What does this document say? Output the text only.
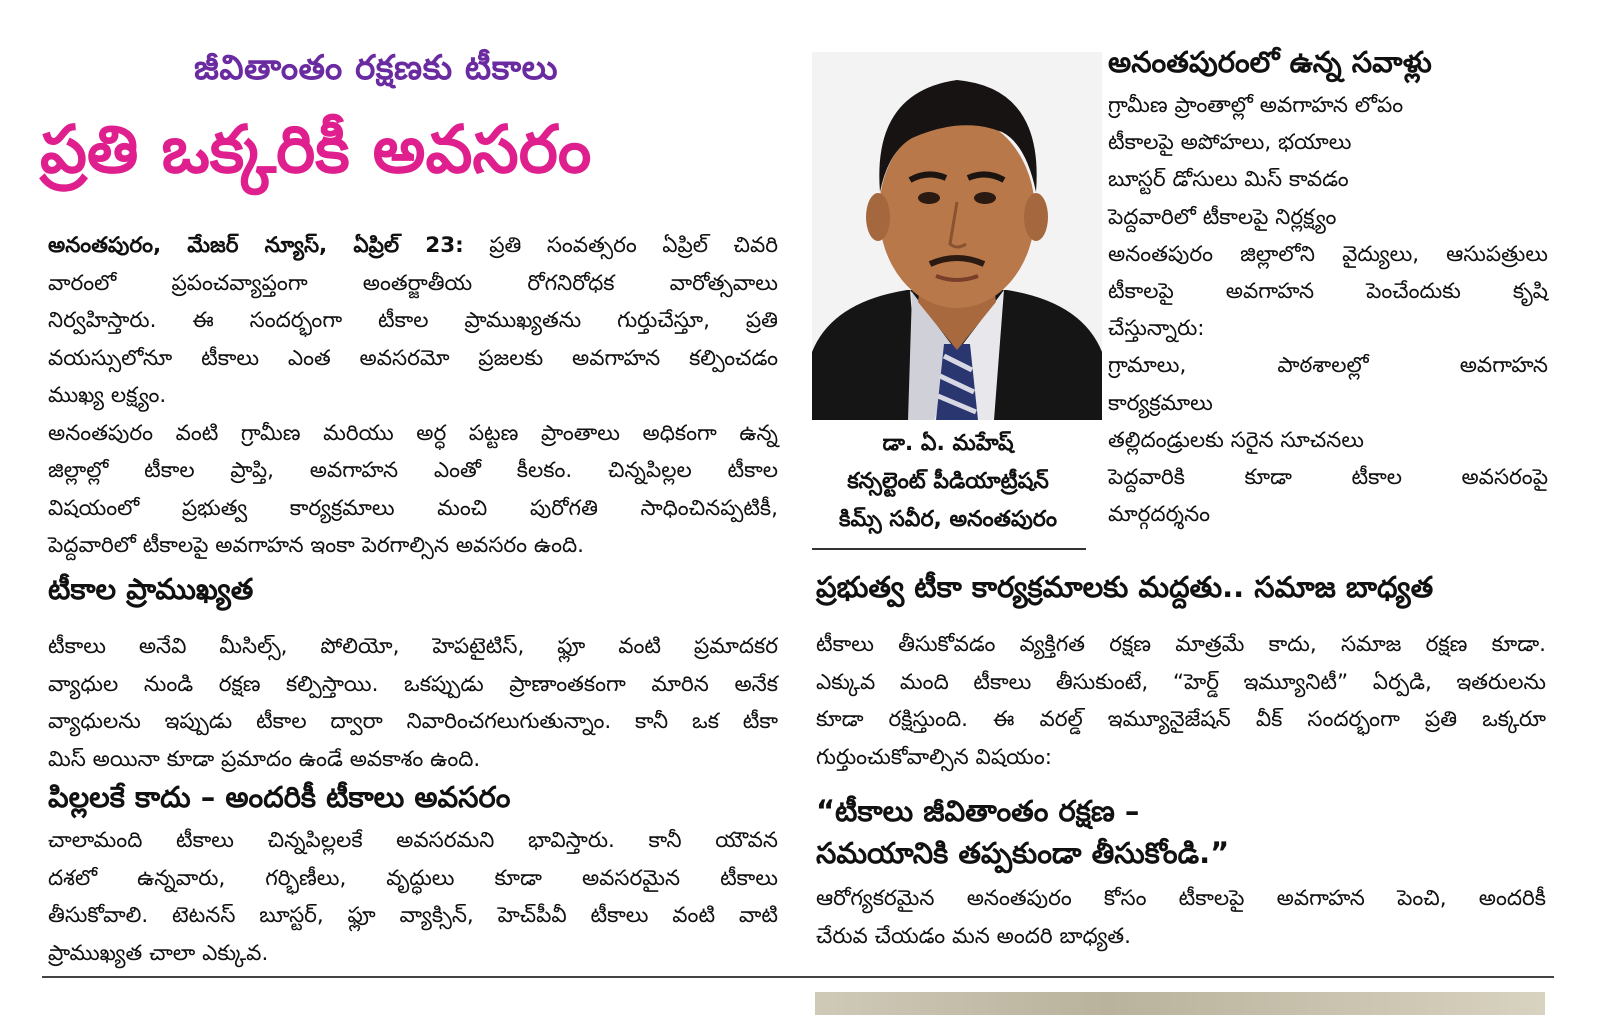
జీవితాంతం రక్షణకు టీకాలు
ప్రతి ఒక్కరికీ అవసరం

అనంతపురం, మేజర్ న్యూస్, ఏప్రిల్ 23: ప్రతి సంవత్సరం ఏప్రిల్ చివరి

వారంలో ప్రపంచవ్యాప్తంగా అంతర్జాతీయ రోగనిరోధక వారోత్సవాలు

నిర్వహిస్తారు. ఈ సందర్భంగా టీకాల ప్రాముఖ్యతను గుర్తుచేస్తూ, ప్రతి

వయస్సులోనూ టీకాలు ఎంత అవసరమో ప్రజలకు అవగాహన కల్పించడం

ముఖ్య లక్ష్యం.

అనంతపురం వంటి గ్రామీణ మరియు అర్ధ పట్టణ ప్రాంతాలు అధికంగా ఉన్న

జిల్లాల్లో టీకాల ప్రాప్తి, అవగాహన ఎంతో కీలకం. చిన్నపిల్లల టీకాల

విషయంలో ప్రభుత్వ కార్యక్రమాలు మంచి పురోగతి సాధించినప్పటికీ,

పెద్దవారిలో టీకాలపై అవగాహన ఇంకా పెరగాల్సిన అవసరం ఉంది.

టీకాల ప్రాముఖ్యత

టీకాలు అనేవి మీసిల్స్, పోలియో, హెపటైటిస్, ఫ్లూ వంటి ప్రమాదకర

వ్యాధుల నుండి రక్షణ కల్పిస్తాయి. ఒకప్పుడు ప్రాణాంతకంగా మారిన అనేక

వ్యాధులను ఇప్పుడు టీకాల ద్వారా నివారించగలుగుతున్నాం. కానీ ఒక టీకా

మిస్ అయినా కూడా ప్రమాదం ఉండే అవకాశం ఉంది.

పిల్లలకే కాదు – అందరికీ టీకాలు అవసరం

చాలామంది టీకాలు చిన్నపిల్లలకే అవసరమని భావిస్తారు. కానీ యౌవన

దశలో ఉన్నవారు, గర్భిణీలు, వృద్ధులు కూడా అవసరమైన టీకాలు

తీసుకోవాలి. టెటనస్ బూస్టర్, ఫ్లూ వ్యాక్సిన్, హెచ్‌పీవీ టీకాలు వంటి వాటి

ప్రాముఖ్యత చాలా ఎక్కువ.

డా. ఏ. మహేష్
కన్సల్టెంట్ పీడియాట్రీషన్
కిమ్స్ సవీర, అనంతపురం
అనంతపురంలో ఉన్న సవాళ్లు
గ్రామీణ ప్రాంతాల్లో అవగాహన లోపం
టీకాలపై అపోహలు, భయాలు
బూస్టర్ డోసులు మిస్ కావడం
పెద్దవారిలో టీకాలపై నిర్లక్ష్యం
అనంతపురం జిల్లాలోని వైద్యులు, ఆసుపత్రులు
టీకాలపై అవగాహన పెంచేందుకు కృషి
చేస్తున్నారు:
గ్రామాలు, పాఠశాలల్లో అవగాహన
కార్యక్రమాలు
తల్లిదండ్రులకు సరైన సూచనలు
పెద్దవారికి కూడా టీకాల అవసరంపై
మార్గదర్శనం
ప్రభుత్వ టీకా కార్యక్రమాలకు మద్దతు.. సమాజ బాధ్యత

టీకాలు తీసుకోవడం వ్యక్తిగత రక్షణ మాత్రమే కాదు, సమాజ రక్షణ కూడా.

ఎక్కువ మంది టీకాలు తీసుకుంటే, “హెర్డ్ ఇమ్యూనిటీ” ఏర్పడి, ఇతరులను

కూడా రక్షిస్తుంది. ఈ వరల్డ్ ఇమ్యూనైజేషన్ వీక్ సందర్భంగా ప్రతి ఒక్కరూ

గుర్తుంచుకోవాల్సిన విషయం:

“టీకాలు జీవితాంతం రక్షణ –
సమయానికి తప్పకుండా తీసుకోండి.”

ఆరోగ్యకరమైన అనంతపురం కోసం టీకాలపై అవగాహన పెంచి, అందరికీ

చేరువ చేయడం మన అందరి బాధ్యత.
